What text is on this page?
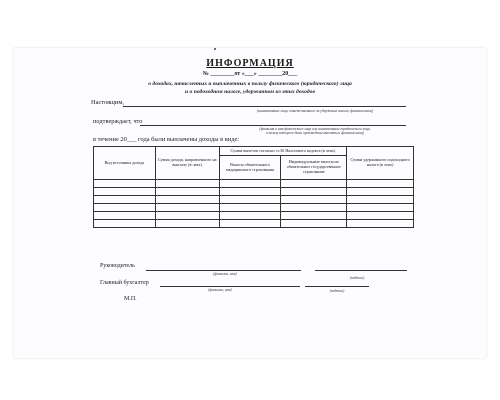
ИНФОРМАЦИЯ
№ ________от «___» ________20___
о доходах, начисленных и выплаченных в пользу физического (юридического) лица
и о подоходном налоге, удержанном из этих доходов
Настоящим,
(наименование лица, ответственного за удержание налога, фамилия иниц)
подтверждает, что
(фамилия и имя физического лица или наименование юридического лица,
в пользу которого были произведены выплаты и фамилия иниц)
в течение 20___ года были выплачены доходы в виде:
Вид источника дохода	Сумма дохода, направленного на выплату (в леях)	Сумма вычетов согласно ст.36 Налогового кодекса (в леях)		Сумма удержанного подоходного налога (в леях)
		Взносы обязательного медицинского страхования	Индивидуальные взносы на обязательное государственное страхование	

Руководитель
(фамилия, имя)
(подпись)
Главный бухгалтер
(фамилия, имя)	(подпись)
М.П.
